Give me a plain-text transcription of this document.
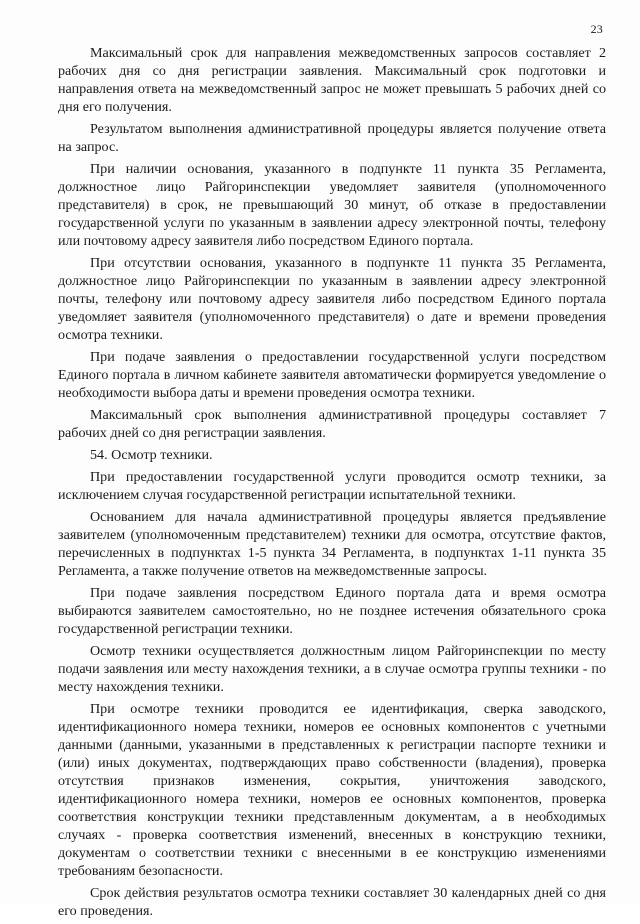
23

Максимальный срок для направления межведомственных запросов составляет 2 рабочих дня со дня регистрации заявления. Максимальный срок подготовки и направления ответа на межведомственный запрос не может превышать 5 рабочих дней со дня его получения.

Результатом выполнения административной процедуры является получение ответа на запрос.

При наличии основания, указанного в подпункте 11 пункта 35 Регламента, должностное лицо Райгоринспекции уведомляет заявителя (уполномоченного представителя) в срок, не превышающий 30 минут, об отказе в предоставлении государственной услуги по указанным в заявлении адресу электронной почты, телефону или почтовому адресу заявителя либо посредством Единого портала.

При отсутствии основания, указанного в подпункте 11 пункта 35 Регламента, должностное лицо Райгоринспекции по указанным в заявлении адресу электронной почты, телефону или почтовому адресу заявителя либо посредством Единого портала уведомляет заявителя (уполномоченного представителя) о дате и времени проведения осмотра техники.

При подаче заявления о предоставлении государственной услуги посредством Единого портала в личном кабинете заявителя автоматически формируется уведомление о необходимости выбора даты и времени проведения осмотра техники.

Максимальный срок выполнения административной процедуры составляет 7 рабочих дней со дня регистрации заявления.

54. Осмотр техники.

При предоставлении государственной услуги проводится осмотр техники, за исключением случая государственной регистрации испытательной техники.

Основанием для начала административной процедуры является предъявление заявителем (уполномоченным представителем) техники для осмотра, отсутствие фактов, перечисленных в подпунктах 1-5 пункта 34 Регламента, в подпунктах 1-11 пункта 35 Регламента, а также получение ответов на межведомственные запросы.

При подаче заявления посредством Единого портала дата и время осмотра выбираются заявителем самостоятельно, но не позднее истечения обязательного срока государственной регистрации техники.

Осмотр техники осуществляется должностным лицом Райгоринспекции по месту подачи заявления или месту нахождения техники, а в случае осмотра группы техники - по месту нахождения техники.

При осмотре техники проводится ее идентификация, сверка заводского, идентификационного номера техники, номеров ее основных компонентов с учетными данными (данными, указанными в представленных к регистрации паспорте техники и (или) иных документах, подтверждающих право собственности (владения), проверка отсутствия признаков изменения, сокрытия, уничтожения заводского, идентификационного номера техники, номеров ее основных компонентов, проверка соответствия конструкции техники представленным документам, а в необходимых случаях - проверка соответствия изменений, внесенных в конструкцию техники, документам о соответствии техники с внесенными в ее конструкцию изменениями требованиям безопасности.

Срок действия результатов осмотра техники составляет 30 календарных дней со дня его проведения.
